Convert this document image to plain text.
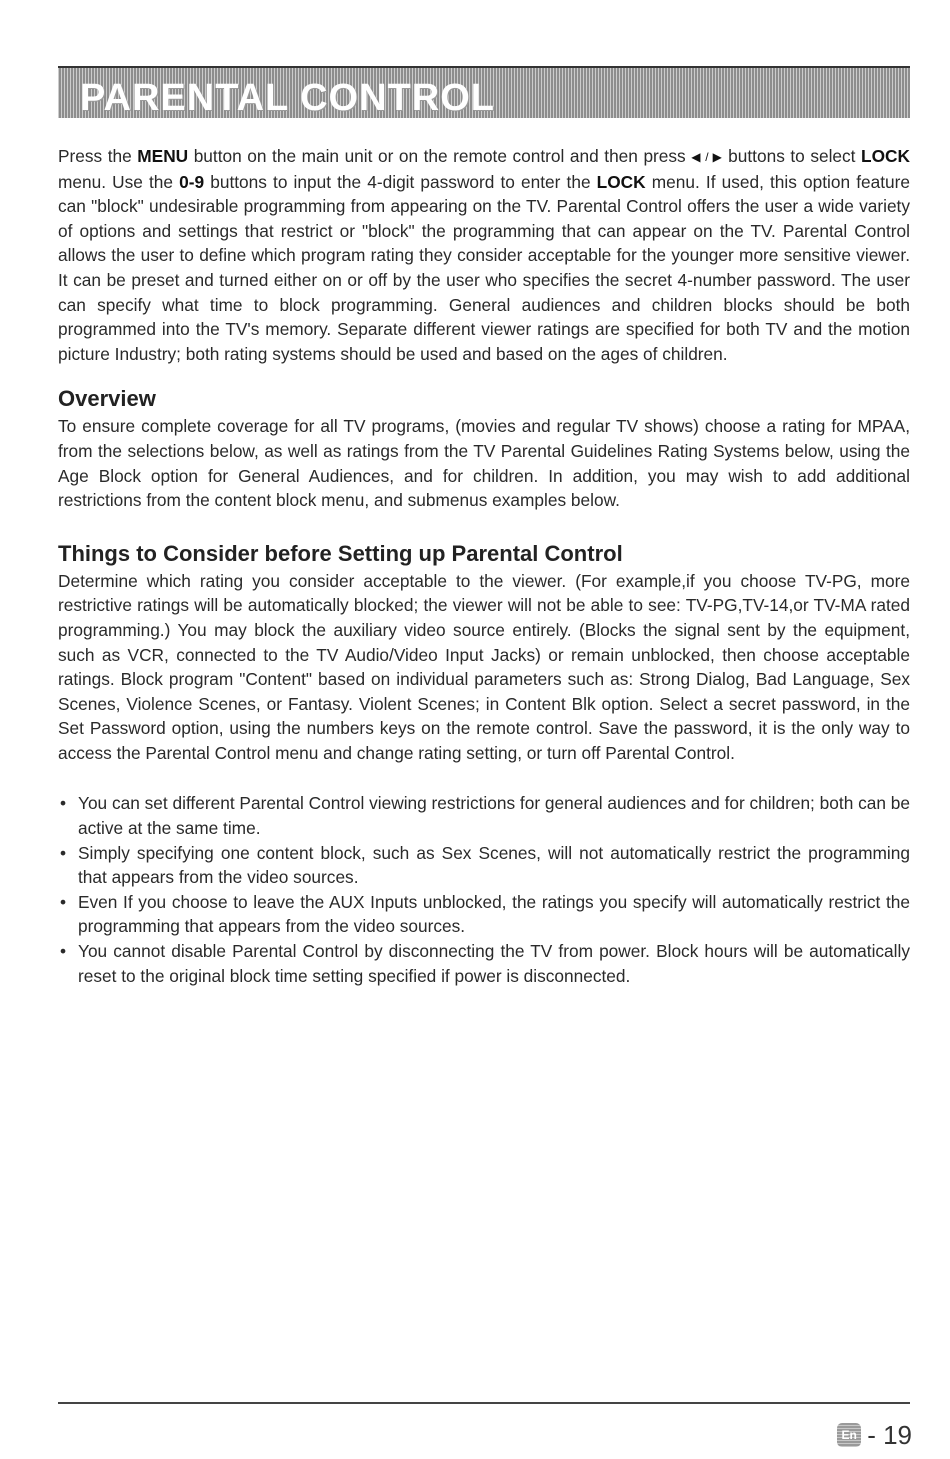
PARENTAL CONTROL

Press the MENU button on the main unit or on the remote control and then press ◀ / ▶ buttons to select LOCK menu. Use the 0-9 buttons to input the 4-digit password to enter the LOCK menu. If used, this option feature can "block" undesirable programming from appearing on the TV. Parental Control offers the user a wide variety of options and settings that restrict or "block" the programming that can appear on the TV. Parental Control allows the user to define which program rating they consider acceptable for the younger more sensitive viewer. It can be preset and turned either on or off by the user who specifies the secret 4-number password. The user can specify what time to block programming. General audiences and children blocks should be both programmed into the TV's memory. Separate different viewer ratings are specified for both TV and the motion picture Industry; both rating systems should be used and based on the ages of children.

Overview

To ensure complete coverage for all TV programs, (movies and regular TV shows) choose a rating for MPAA, from the selections below, as well as ratings from the TV Parental Guidelines Rating Systems below, using the Age Block option for General Audiences, and for children. In addition, you may wish to add additional restrictions from the content block menu, and submenus examples below.

Things to Consider before Setting up Parental Control

Determine which rating you consider acceptable to the viewer. (For example,if you choose TV-PG, more restrictive ratings will be automatically blocked; the viewer will not be able to see: TV-PG,TV-14,or TV-MA rated programming.) You may block the auxiliary video source entirely. (Blocks the signal sent by the equipment, such as VCR, connected to the TV Audio/Video Input Jacks) or remain unblocked, then choose acceptable ratings. Block program "Content" based on individual parameters such as: Strong Dialog, Bad Language, Sex Scenes, Violence Scenes, or Fantasy. Violent Scenes; in Content Blk option. Select a secret password, in the Set Password option, using the numbers keys on the remote control. Save the password, it is the only way to access the Parental Control menu and change rating setting, or turn off Parental Control.

• You can set different Parental Control viewing restrictions for general audiences and for children; both can be active at the same time.
• Simply specifying one content block, such as Sex Scenes, will not automatically restrict the programming that appears from the video sources.
• Even If you choose to leave the AUX Inputs unblocked, the ratings you specify will automatically restrict the programming that appears from the video sources.
• You cannot disable Parental Control by disconnecting the TV from power. Block hours will be automatically reset to the original block time setting specified if power is disconnected.
En - 19
